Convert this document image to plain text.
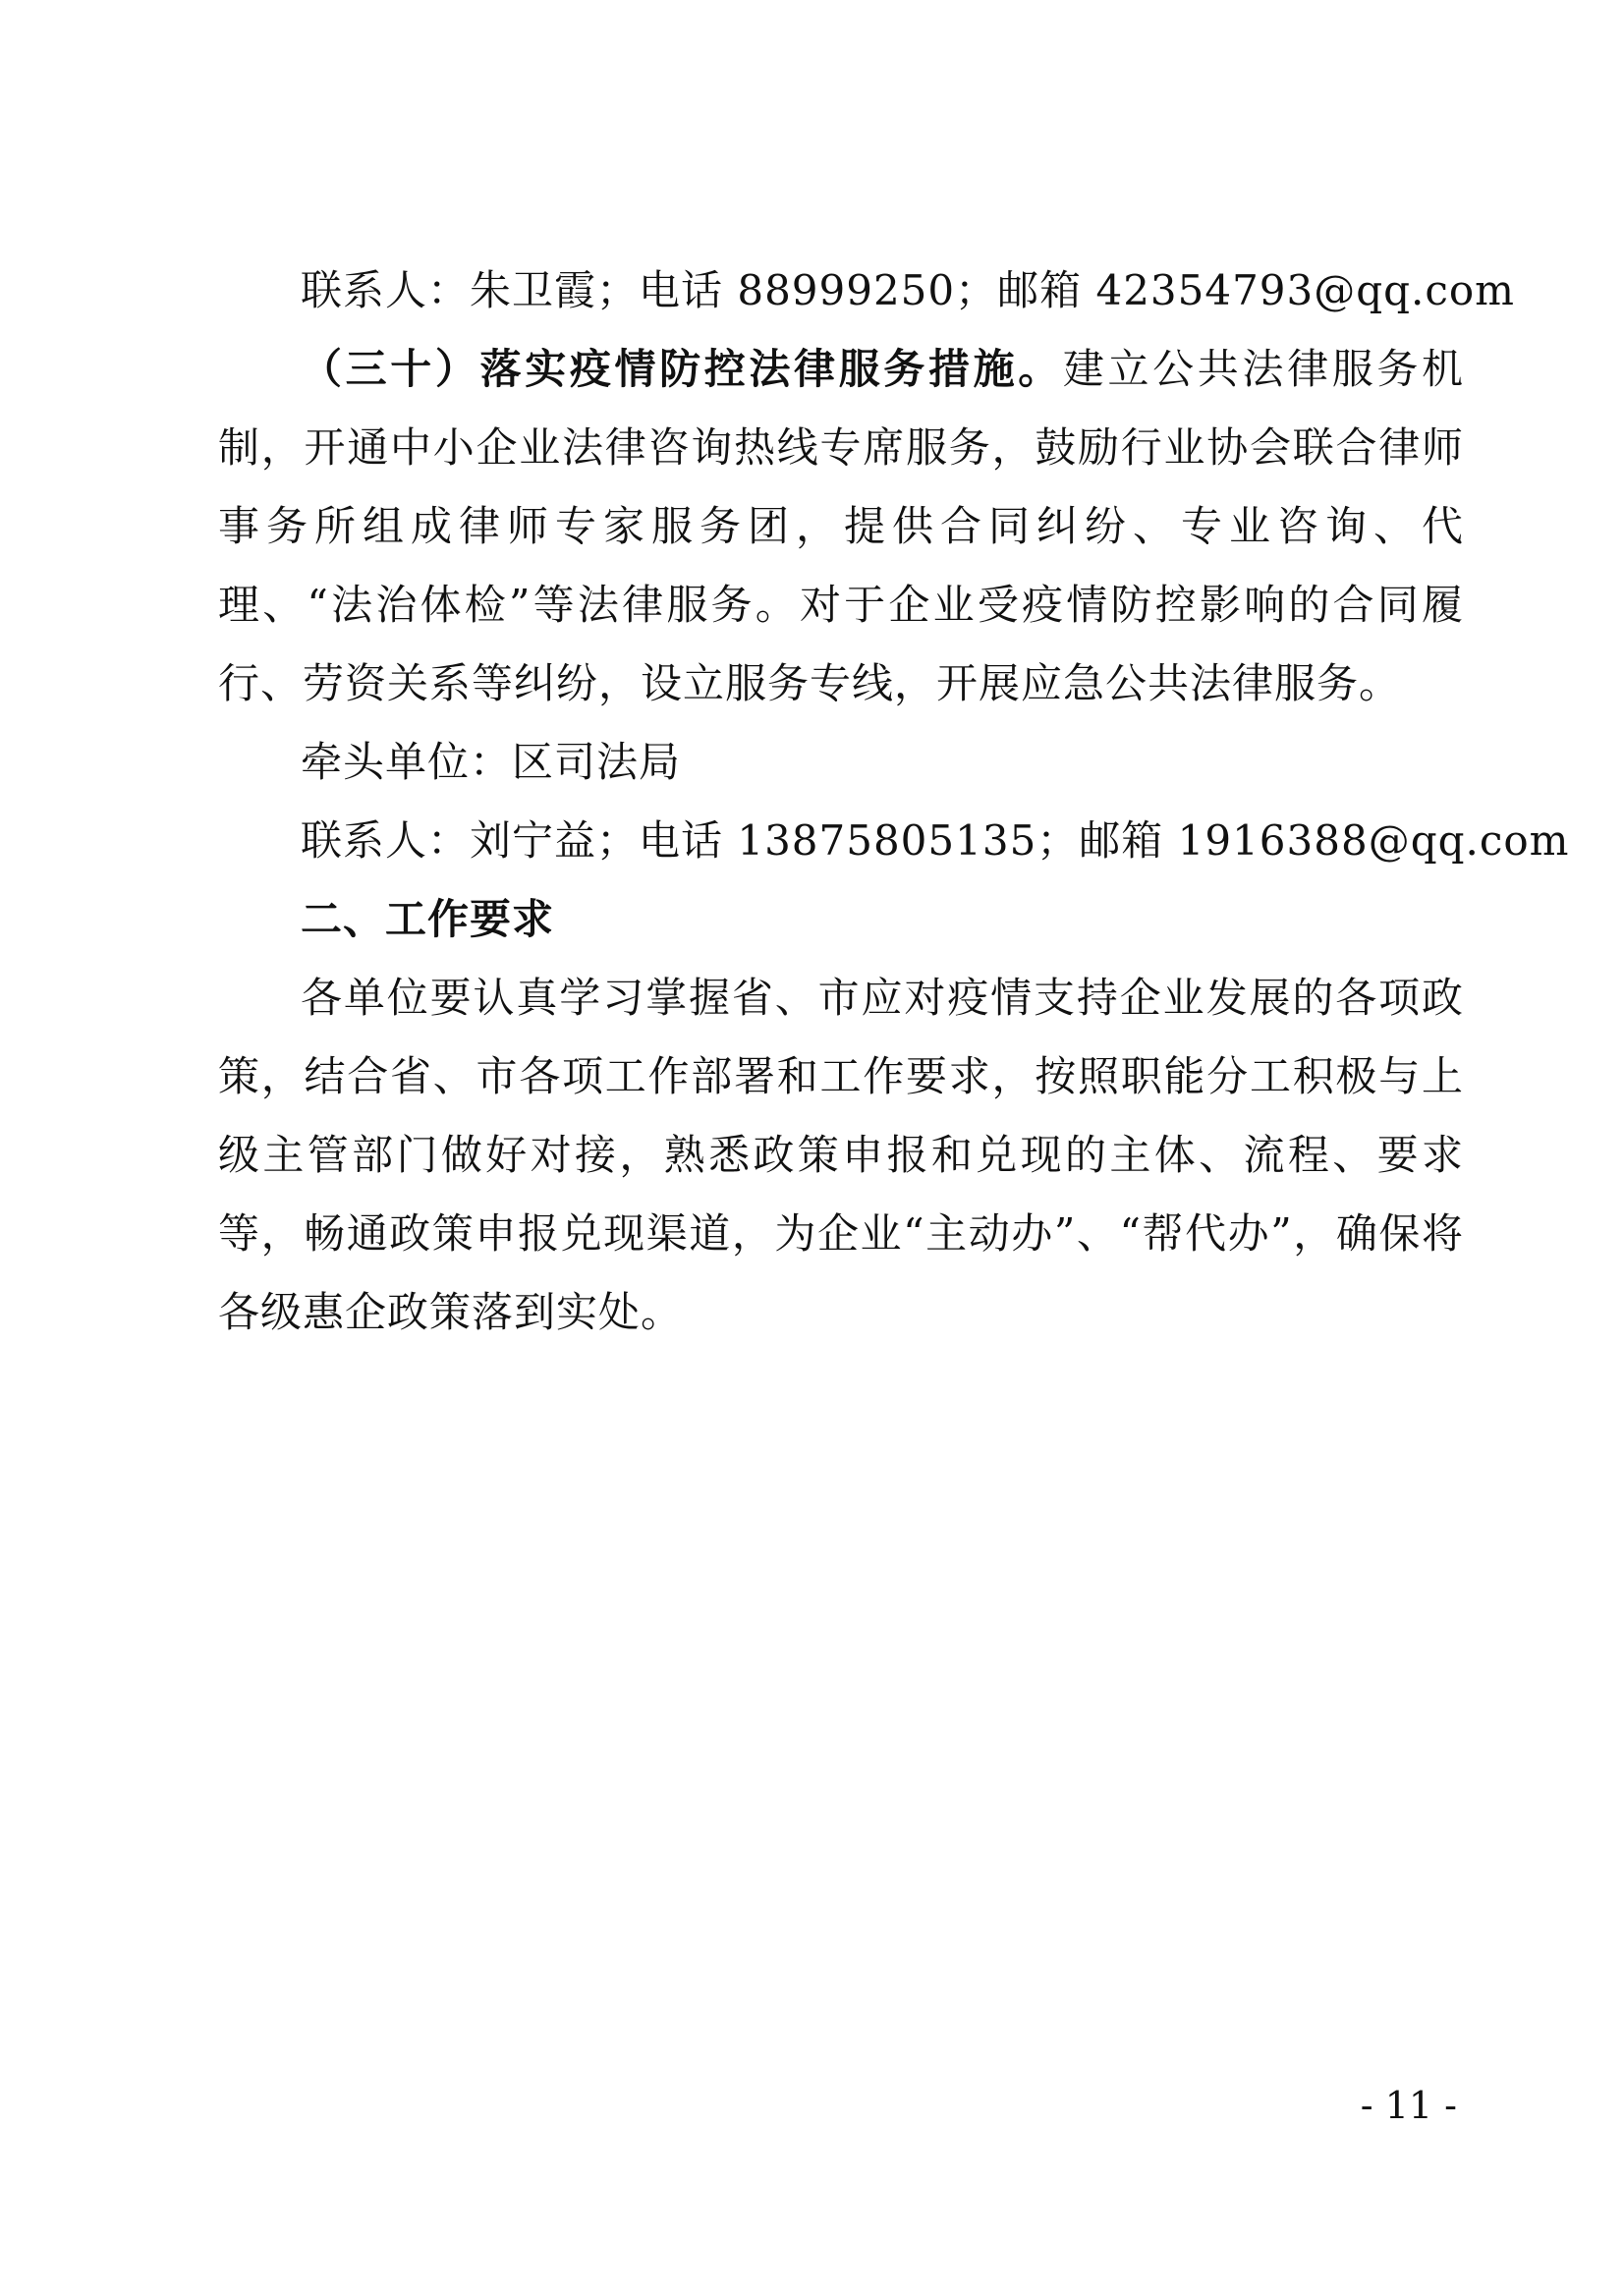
联系人：朱卫霞；电话 88999250；邮箱 42354793@qq.com

（三十）落实疫情防控法律服务措施。建立公共法律服务机制，开通中小企业法律咨询热线专席服务，鼓励行业协会联合律师事务所组成律师专家服务团，提供合同纠纷、专业咨询、代理、“法治体检”等法律服务。对于企业受疫情防控影响的合同履行、劳资关系等纠纷，设立服务专线，开展应急公共法律服务。

牵头单位：区司法局

联系人：刘宁益；电话 13875805135；邮箱 1916388@qq.com

二、工作要求

各单位要认真学习掌握省、市应对疫情支持企业发展的各项政策，结合省、市各项工作部署和工作要求，按照职能分工积极与上级主管部门做好对接，熟悉政策申报和兑现的主体、流程、要求等，畅通政策申报兑现渠道，为企业“主动办”、“帮代办”，确保将各级惠企政策落到实处。

- 11 -
